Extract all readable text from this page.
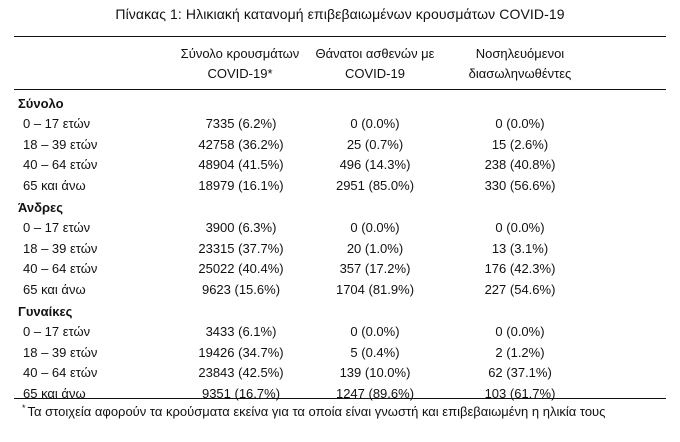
Πίνακας 1: Ηλικιακή κατανομή επιβεβαιωμένων κρουσμάτων COVID-19
Σύνολο κρουσμάτων
COVID-19*
Θάνατοι ασθενών με
COVID-19
Νοσηλευόμενοι
διασωληνωθέντες
Σύνολο
0 – 17 ετών	7335 (6.2%)	0 (0.0%)	0 (0.0%)
18 – 39 ετών	42758 (36.2%)	25 (0.7%)	15 (2.6%)
40 – 64 ετών	48904 (41.5%)	496 (14.3%)	238 (40.8%)
65 και άνω	18979 (16.1%)	2951 (85.0%)	330 (56.6%)
Άνδρες
0 – 17 ετών	3900 (6.3%)	0 (0.0%)	0 (0.0%)
18 – 39 ετών	23315 (37.7%)	20 (1.0%)	13 (3.1%)
40 – 64 ετών	25022 (40.4%)	357 (17.2%)	176 (42.3%)
65 και άνω	9623 (15.6%)	1704 (81.9%)	227 (54.6%)
Γυναίκες
0 – 17 ετών	3433 (6.1%)	0 (0.0%)	0 (0.0%)
18 – 39 ετών	19426 (34.7%)	5 (0.4%)	2 (1.2%)
40 – 64 ετών	23843 (42.5%)	139 (10.0%)	62 (37.1%)
65 και άνω	9351 (16.7%)	1247 (89.6%)	103 (61.7%)
* Τα στοιχεία αφορούν τα κρούσματα εκείνα για τα οποία είναι γνωστή και επιβεβαιωμένη η ηλικία τους
